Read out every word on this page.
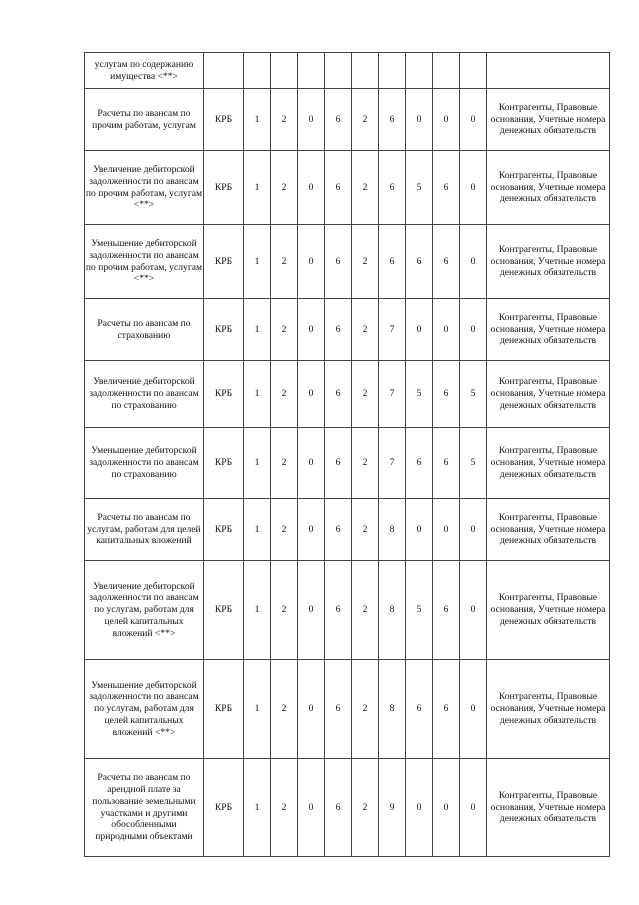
услугам по содержанию имущества <**>											
Расчеты по авансам по прочим работам, услугам	КРБ	1	2	0	6	2	6	0	0	0	Контрагенты, Правовые основания, Учетные номера денежных обязательств
Увеличение дебиторской задолженности по авансам по прочим работам, услугам <**>	КРБ	1	2	0	6	2	6	5	6	0	Контрагенты, Правовые основания, Учетные номера денежных обязательств
Уменьшение дебиторской задолженности по авансам по прочим работам, услугам <**>	КРБ	1	2	0	6	2	6	6	6	0	Контрагенты, Правовые основания, Учетные номера денежных обязательств
Расчеты по авансам по страхованию	КРБ	1	2	0	6	2	7	0	0	0	Контрагенты, Правовые основания, Учетные номера денежных обязательств
Увеличение дебиторской задолженности по авансам по страхованию	КРБ	1	2	0	6	2	7	5	6	5	Контрагенты, Правовые основания, Учетные номера денежных обязательств
Уменьшение дебиторской задолженности по авансам по страхованию	КРБ	1	2	0	6	2	7	6	6	5	Контрагенты, Правовые основания, Учетные номера денежных обязательств
Расчеты по авансам по услугам, работам для целей капитальных вложений	КРБ	1	2	0	6	2	8	0	0	0	Контрагенты, Правовые основания, Учетные номера денежных обязательств
Увеличение дебиторской задолженности по авансам по услугам, работам для целей капитальных вложений <**>	КРБ	1	2	0	6	2	8	5	6	0	Контрагенты, Правовые основания, Учетные номера денежных обязательств
Уменьшение дебиторской задолженности по авансам по услугам, работам для целей капитальных вложений <**>	КРБ	1	2	0	6	2	8	6	6	0	Контрагенты, Правовые основания, Учетные номера денежных обязательств
Расчеты по авансам по арендной плате за пользование земельными участками и другими обособленными природными объектами	КРБ	1	2	0	6	2	9	0	0	0	Контрагенты, Правовые основания, Учетные номера денежных обязательств
